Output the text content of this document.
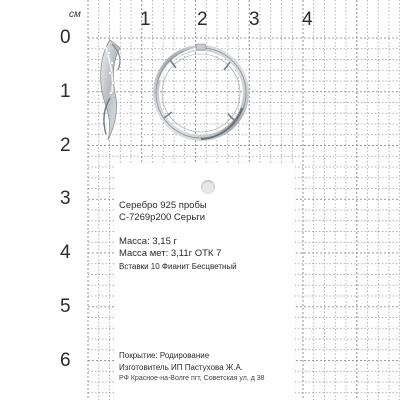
см	1 2 3 4
0
1
2
3
4
5
6
Серебро 925 пробы
С-7269р200 Серьги
Масса: 3,15 г
Масса мет: 3,11г ОТК 7
Вставки 10 Фианит Бесцветный
Покрытие: Родирование
Изготовитель ИП Пастухова Ж.А.
РФ Красное-на-Волге пгт, Советская ул, д 38
